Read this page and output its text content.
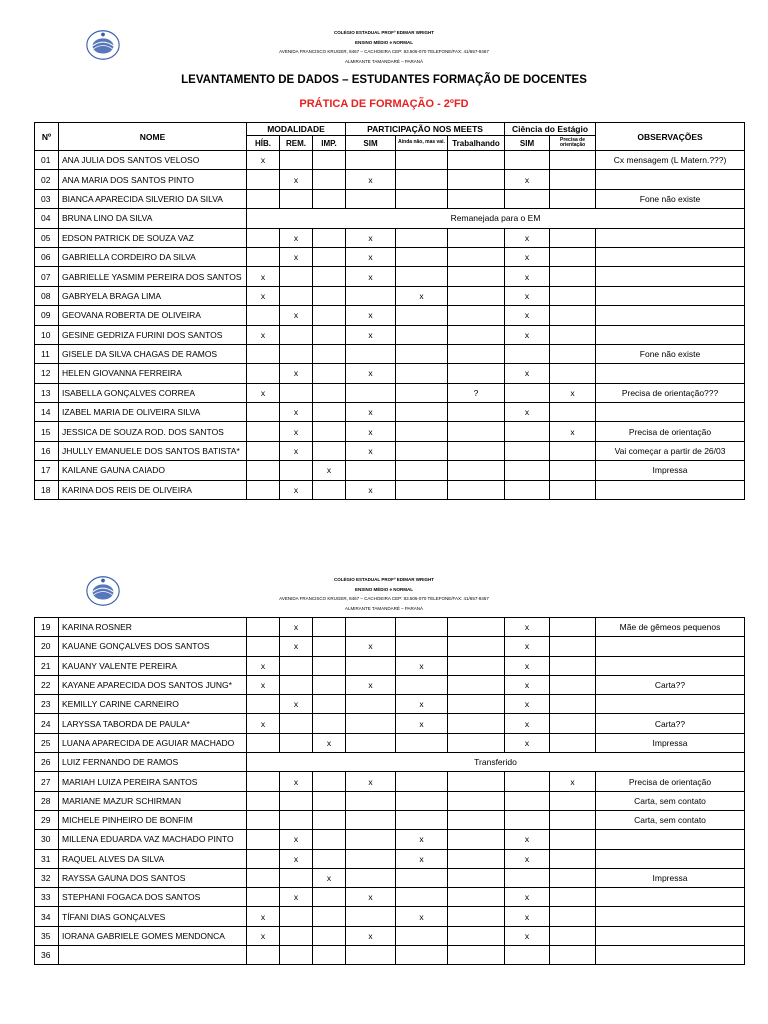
COLÉGIO ESTADUAL PROFº EDIMAR WRIGHT
ENSINO MÉDIO e NORMAL
AVENIDA FRANCISCO KRUGER, 8467 – CACHOEIRA CEP: 83.506-070 TELEFONE/FAX: 41/657-8467
ALMIRANTE TAMANDARÉ – PARANÁ
LEVANTAMENTO DE DADOS – ESTUDANTES FORMAÇÃO DE DOCENTES
PRÁTICA DE FORMAÇÃO - 2ºFD
Nº	NOME	MODALIDADE			PARTICIPAÇÃO NOS MEETS			Ciência do Estágio		OBSERVAÇÕES
		HÍB.	REM.	IMP.	SIM	Ainda não, mas vai.	Trabalhando	SIM	Precisa de orientação	
01	ANA JULIA DOS SANTOS VELOSO	x								Cx mensagem (L Matern.???)
02	ANA MARIA DOS SANTOS PINTO		x		x			x		
03	BIANCA APARECIDA SILVERIO DA SILVA									Fone não existe
04	BRUNA LINO DA SILVA	Remanejada para o EM								
05	EDSON PATRICK DE SOUZA VAZ		x		x			x		
06	GABRIELLA CORDEIRO DA SILVA		x		x			x		
07	GABRIELLE YASMIM PEREIRA DOS SANTOS	x			x			x		
08	GABRYELA BRAGA LIMA	x				x		x		
09	GEOVANA ROBERTA DE OLIVEIRA		x		x			x		
10	GESINE GEDRIZA FURINI DOS SANTOS	x			x			x		
11	GISELE DA SILVA CHAGAS DE RAMOS									Fone não existe
12	HELEN GIOVANNA FERREIRA		x		x			x		
13	ISABELLA GONÇALVES CORREA	x					?		x	Precisa de orientação???
14	IZABEL MARIA DE OLIVEIRA SILVA		x		x			x		
15	JESSICA DE SOUZA ROD. DOS SANTOS		x		x				x	Precisa de orientação
16	JHULLY EMANUELE DOS SANTOS BATISTA*		x		x					Vai começar a partir de 26/03
17	KAILANE GAUNA CAIADO			x						Impressa
18	KARINA DOS REIS DE OLIVEIRA		x		x					
COLÉGIO ESTADUAL PROFº EDIMAR WRIGHT
ENSINO MÉDIO e NORMAL
AVENIDA FRANCISCO KRUGER, 8467 – CACHOEIRA CEP: 83.506-070 TELEFONE/FAX: 41/657-8467
ALMIRANTE TAMANDARÉ – PARANÁ
19	KARINA ROSNER		x					x		Mãe de gêmeos pequenos
20	KAUANE GONÇALVES DOS SANTOS		x		x			x		
21	KAUANY VALENTE PEREIRA	x				x		x		
22	KAYANE APARECIDA DOS SANTOS JUNG*	x			x			x		Carta??
23	KEMILLY CARINE CARNEIRO		x			x		x		
24	LARYSSA TABORDA DE PAULA*	x				x		x		Carta??
25	LUANA APARECIDA DE AGUIAR MACHADO			x				x		Impressa
26	LUIZ FERNANDO DE RAMOS	Transferido								
27	MARIAH LUIZA PEREIRA SANTOS		x		x				x	Precisa de orientação
28	MARIANE MAZUR SCHIRMAN									Carta, sem contato
29	MICHELE PINHEIRO DE BONFIM									Carta, sem contato
30	MILLENA EDUARDA VAZ MACHADO PINTO		x			x		x		
31	RAQUEL ALVES DA SILVA		x			x		x		
32	RAYSSA GAUNA DOS SANTOS			x						Impressa
33	STEPHANI FOGACA DOS SANTOS		x		x			x		
34	TÍFANI DIAS GONÇALVES	x				x		x		
35	IORANA GABRIELE GOMES MENDONCA	x			x			x		
36										
